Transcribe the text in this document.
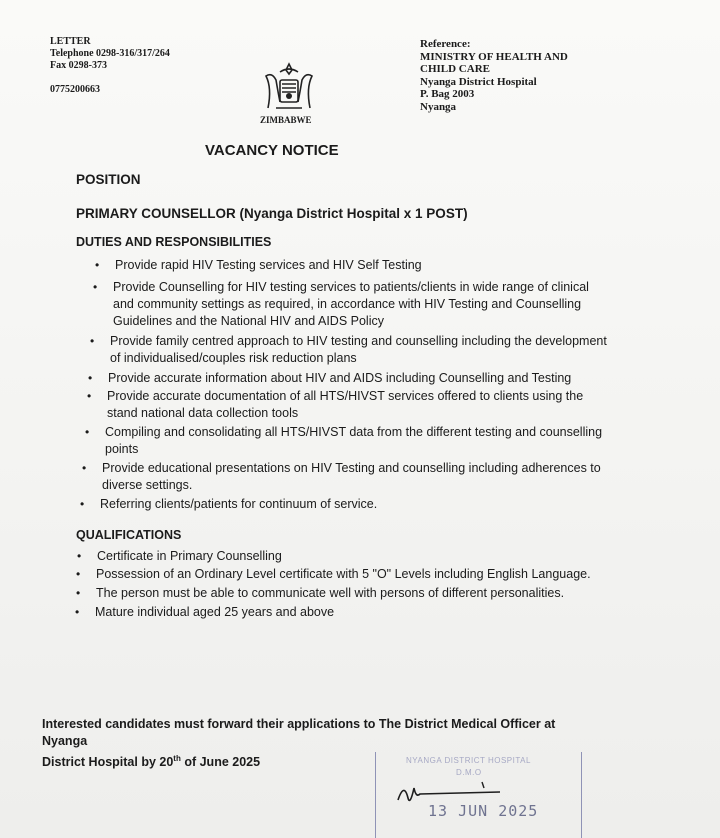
LETTER
Telephone 0298-316/317/264
Fax 0298-373
0775200663
ZIMBABWE
Reference:
MINISTRY OF HEALTH AND
CHILD CARE
Nyanga District Hospital
P. Bag 2003
Nyanga
VACANCY NOTICE
POSITION
PRIMARY COUNSELLOR (Nyanga District Hospital x 1 POST)
DUTIES AND RESPONSIBILITIES
• Provide rapid HIV Testing services and HIV Self Testing
• Provide Counselling for HIV testing services to patients/clients in wide range of clinical and community settings as required, in accordance with HIV Testing and Counselling Guidelines and the National HIV and AIDS Policy
• Provide family centred approach to HIV testing and counselling including the development of individualised/couples risk reduction plans
• Provide accurate information about HIV and AIDS including Counselling and Testing
• Provide accurate documentation of all HTS/HIVST services offered to clients using the stand national data collection tools
• Compiling and consolidating all HTS/HIVST data from the different testing and counselling points
• Provide educational presentations on HIV Testing and counselling including adherences to diverse settings.
• Referring clients/patients for continuum of service.
QUALIFICATIONS
• Certificate in Primary Counselling
• Possession of an Ordinary Level certificate with 5 "O" Levels including English Language.
• The person must be able to communicate well with persons of different personalities.
• Mature individual aged 25 years and above
Interested candidates must forward their applications to The District Medical Officer at Nyanga
District Hospital by 20th of June 2025	NYANGA DISTRICT HOSPITAL
D.M.O
13 JUN 2025
